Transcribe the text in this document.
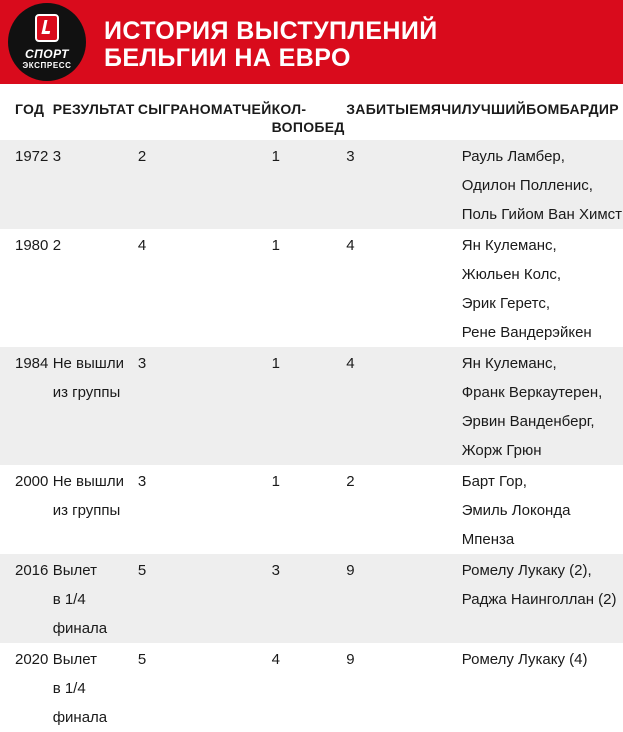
СПОРТ
ЭКСПРЕСС
ИСТОРИЯ ВЫСТУПЛЕНИЙ
БЕЛЬГИИ НА ЕВРО
ГОД	РЕЗУЛЬТАТ	СЫГРАНОМАТЧЕЙ	КОЛ-ВОПОБЕД	ЗАБИТЫЕМЯЧИ	ЛУЧШИЙБОМБАРДИР
1972	3	2	1	3	Рауль Ламбер,
Одилон Полленис,
Поль Гийом Ван Химст

1980	2	4	1	4	Ян Кулеманс,
Жюльен Колс,
Эрик Геретс,
Рене Вандерэйкен

1984	Не вышли
из группы	3	1	4	Ян Кулеманс,
Франк Веркаутерен,
Эрвин Ванденберг,
Жорж Грюн

2000	Не вышли
из группы	3	1	2	Барт Гор,
Эмиль Локонда Мпенза

2016	Вылет
в 1/4 финала	5	3	9	Ромелу Лукаку (2),
Раджа Наинголлан (2)

2020	Вылет
в 1/4 финала	5	4	9	Ромелу Лукаку (4)
